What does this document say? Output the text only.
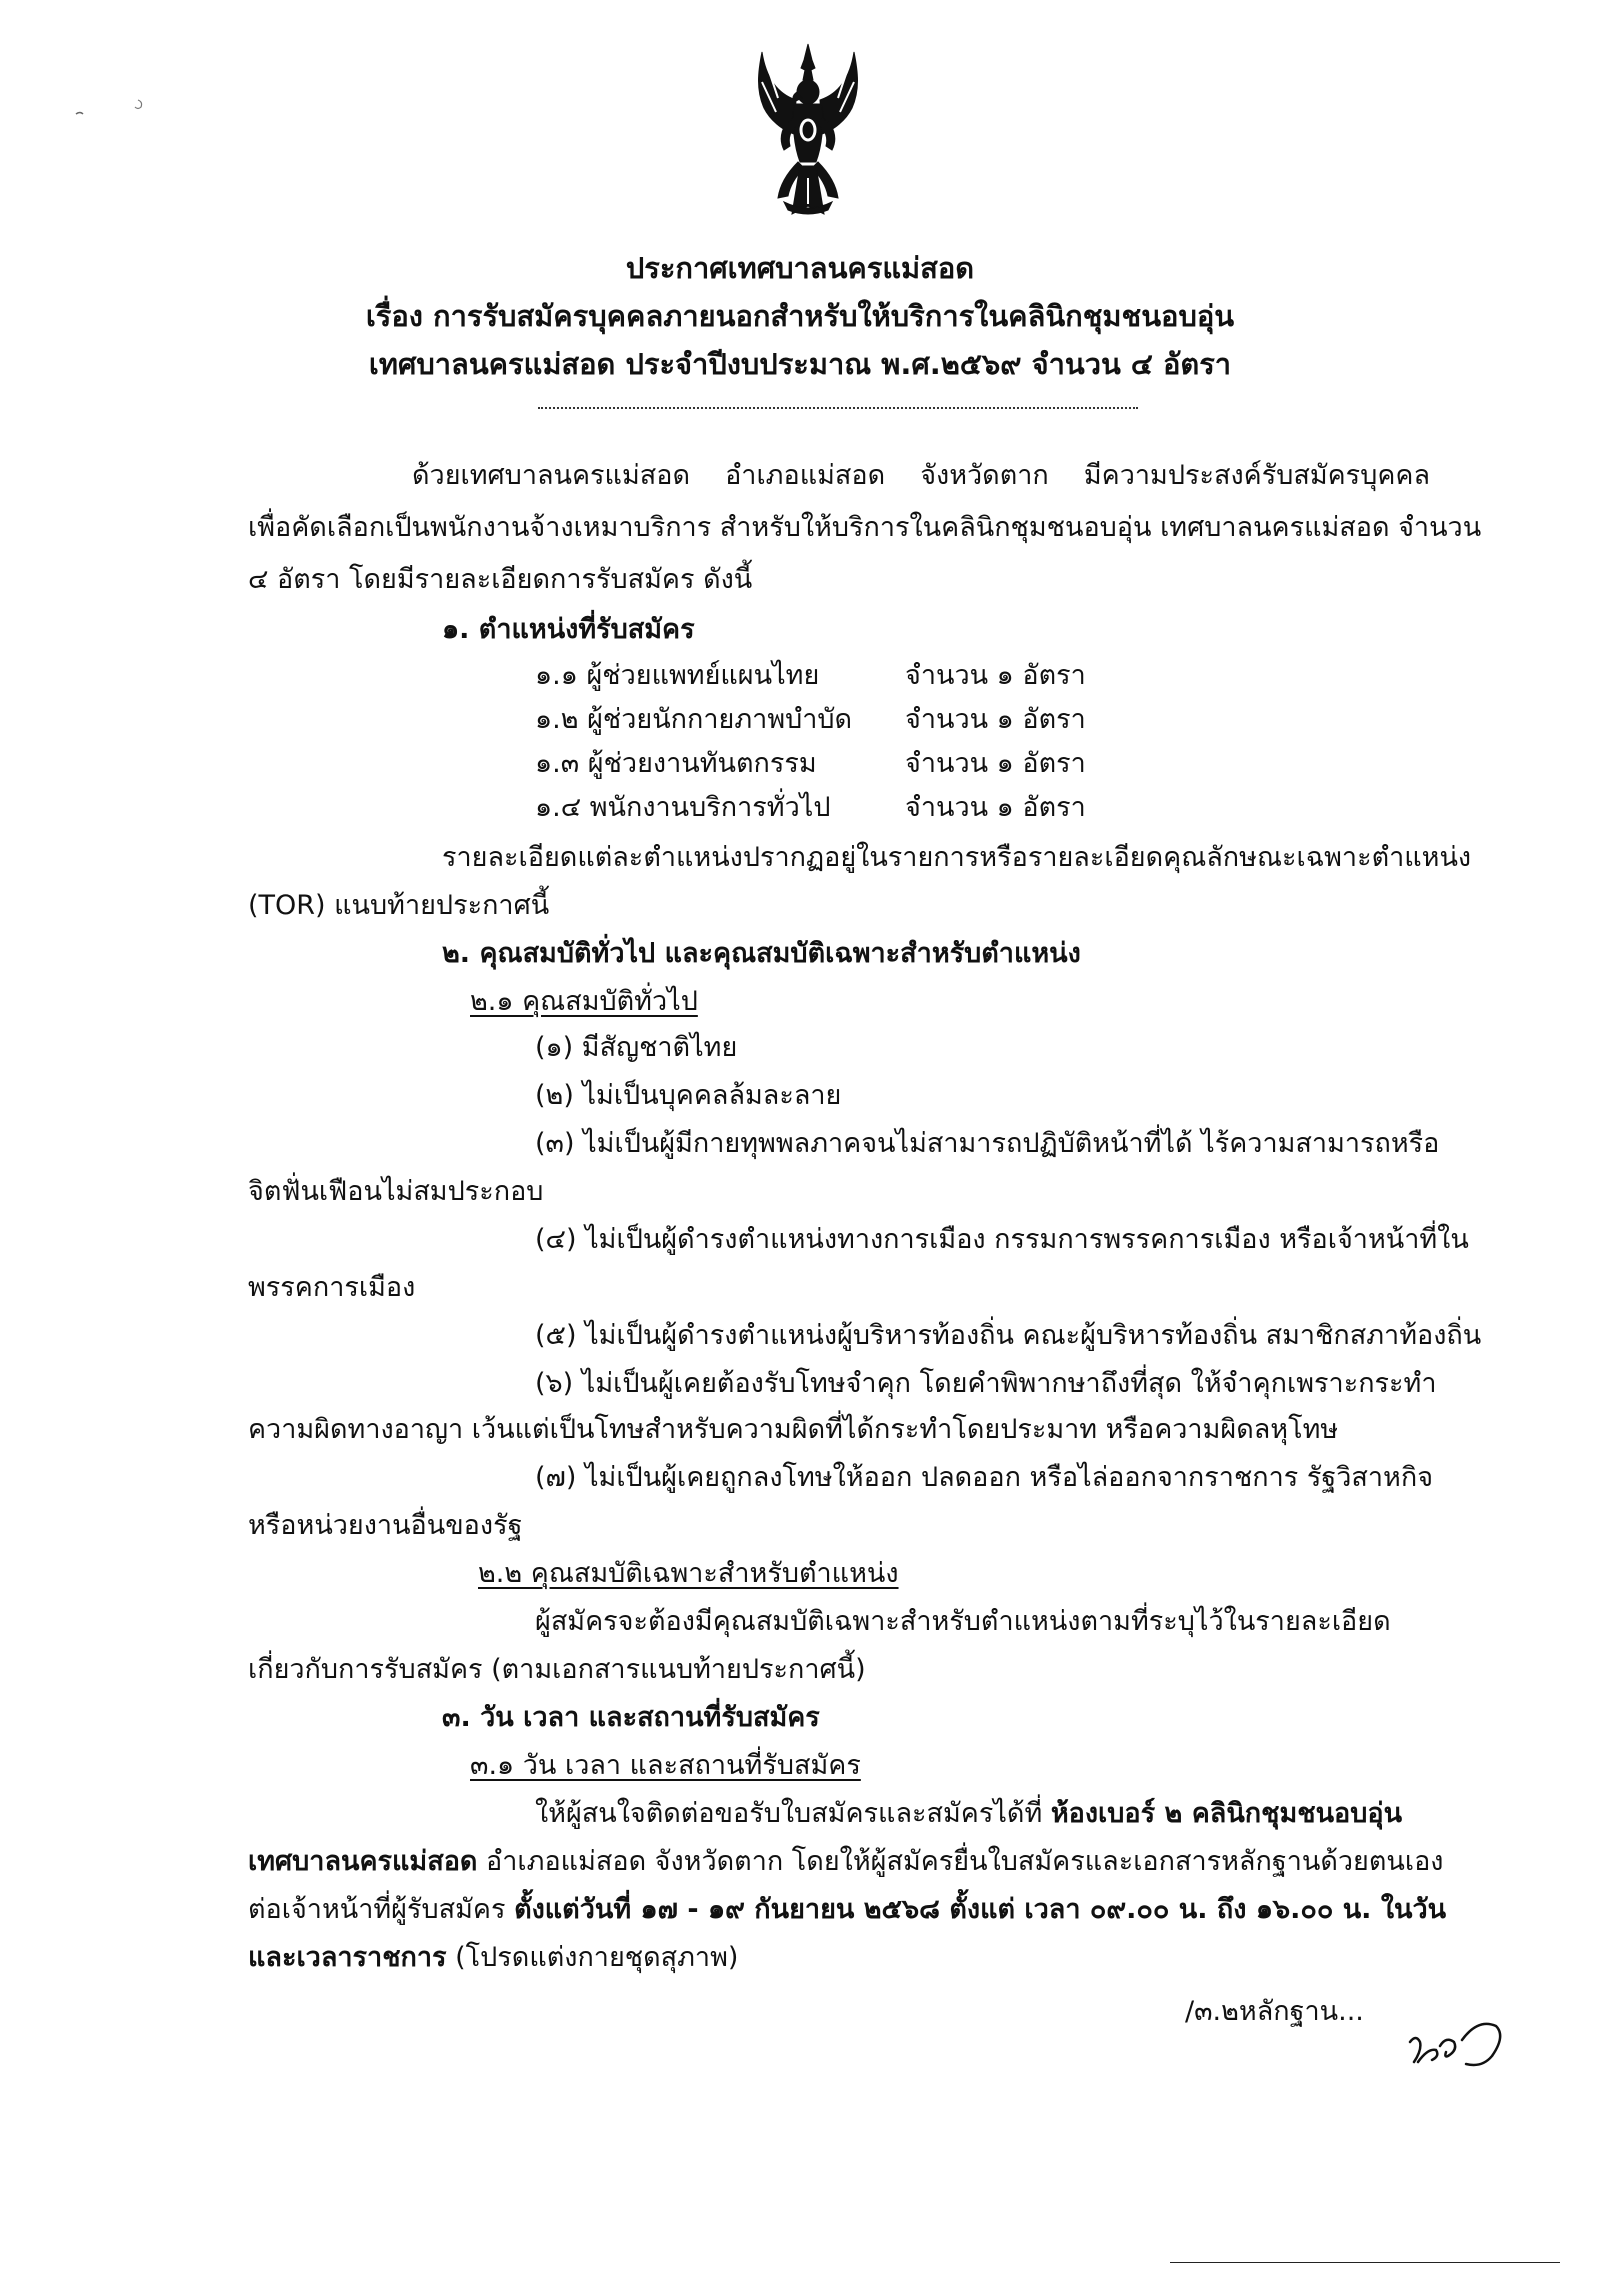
ประกาศเทศบาลนครแม่สอด
เรื่อง การรับสมัครบุคคลภายนอกสำหรับให้บริการในคลินิกชุมชนอบอุ่น
เทศบาลนครแม่สอด ประจำปีงบประมาณ พ.ศ.๒๕๖๙ จำนวน ๔ อัตรา
ด้วยเทศบาลนครแม่สอด อำเภอแม่สอด จังหวัดตาก มีความประสงค์รับสมัครบุคคล
เพื่อคัดเลือกเป็นพนักงานจ้างเหมาบริการ สำหรับให้บริการในคลินิกชุมชนอบอุ่น เทศบาลนครแม่สอด จำนวน
๔ อัตรา โดยมีรายละเอียดการรับสมัคร ดังนี้
๑. ตำแหน่งที่รับสมัคร
๑.๑ ผู้ช่วยแพทย์แผนไทย	จำนวน ๑ อัตรา
๑.๒ ผู้ช่วยนักกายภาพบำบัด จำนวน ๑ อัตรา
๑.๓ ผู้ช่วยงานทันตกรรม	จำนวน ๑ อัตรา
๑.๔ พนักงานบริการทั่วไป	จำนวน ๑ อัตรา
รายละเอียดแต่ละตำแหน่งปรากฏอยู่ในรายการหรือรายละเอียดคุณลักษณะเฉพาะตำแหน่ง
(TOR) แนบท้ายประกาศนี้
๒. คุณสมบัติทั่วไป และคุณสมบัติเฉพาะสำหรับตำแหน่ง
๒.๑ คุณสมบัติทั่วไป
(๑) มีสัญชาติไทย
(๒) ไม่เป็นบุคคลล้มละลาย
(๓) ไม่เป็นผู้มีกายทุพพลภาคจนไม่สามารถปฏิบัติหน้าที่ได้ ไร้ความสามารถหรือ
จิตฟั่นเฟือนไม่สมประกอบ
(๔) ไม่เป็นผู้ดำรงตำแหน่งทางการเมือง กรรมการพรรคการเมือง หรือเจ้าหน้าที่ใน
พรรคการเมือง
(๕) ไม่เป็นผู้ดำรงตำแหน่งผู้บริหารท้องถิ่น คณะผู้บริหารท้องถิ่น สมาชิกสภาท้องถิ่น
(๖) ไม่เป็นผู้เคยต้องรับโทษจำคุก โดยคำพิพากษาถึงที่สุด ให้จำคุกเพราะกระทำ
ความผิดทางอาญา เว้นแต่เป็นโทษสำหรับความผิดที่ได้กระทำโดยประมาท หรือความผิดลหุโทษ
(๗) ไม่เป็นผู้เคยถูกลงโทษให้ออก ปลดออก หรือไล่ออกจากราชการ รัฐวิสาหกิจ
หรือหน่วยงานอื่นของรัฐ
๒.๒ คุณสมบัติเฉพาะสำหรับตำแหน่ง
ผู้สมัครจะต้องมีคุณสมบัติเฉพาะสำหรับตำแหน่งตามที่ระบุไว้ในรายละเอียด
เกี่ยวกับการรับสมัคร (ตามเอกสารแนบท้ายประกาศนี้)
๓. วัน เวลา และสถานที่รับสมัคร
๓.๑ วัน เวลา และสถานที่รับสมัคร
ให้ผู้สนใจติดต่อขอรับใบสมัครและสมัครได้ที่ ห้องเบอร์ ๒ คลินิกชุมชนอบอุ่น
เทศบาลนครแม่สอด อำเภอแม่สอด จังหวัดตาก โดยให้ผู้สมัครยื่นใบสมัครและเอกสารหลักฐานด้วยตนเอง
ต่อเจ้าหน้าที่ผู้รับสมัคร ตั้งแต่วันที่ ๑๗ - ๑๙ กันยายน ๒๕๖๘ ตั้งแต่ เวลา ๐๙.๐๐ น. ถึง ๑๖.๐๐ น. ในวัน
และเวลาราชการ (โปรดแต่งกายชุดสุภาพ)
/๓.๒หลักฐาน...
